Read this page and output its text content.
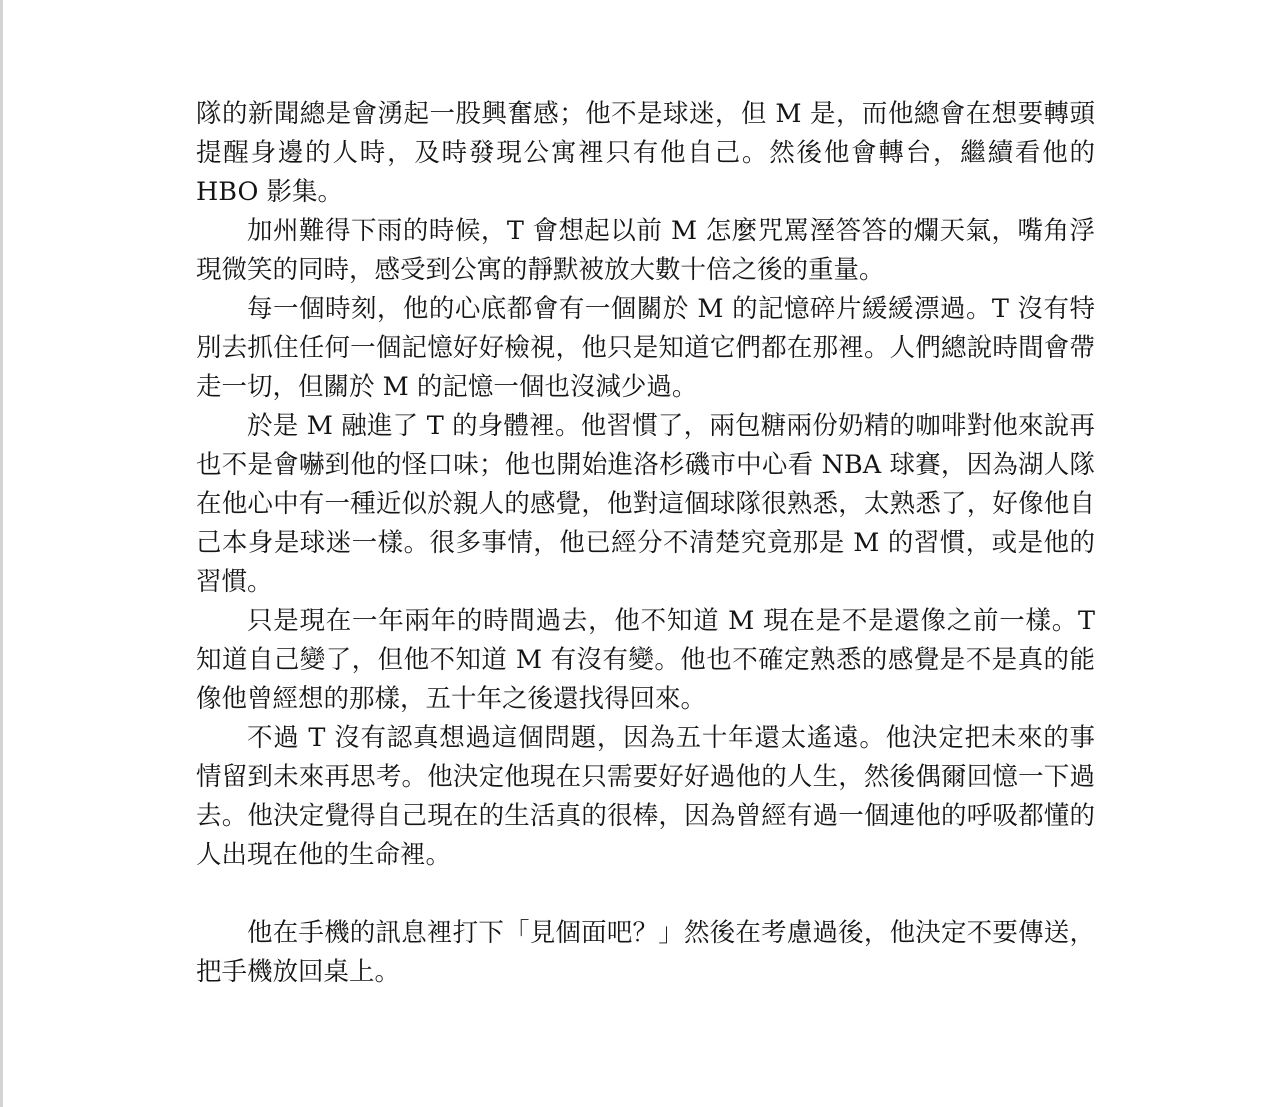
隊的新聞總是會湧起一股興奮感；他不是球迷，但 M 是，而他總會在想要轉頭提醒身邊的人時，及時發現公寓裡只有他自己。然後他會轉台，繼續看他的 HBO 影集。

加州難得下雨的時候，T 會想起以前 M 怎麼咒罵溼答答的爛天氣，嘴角浮現微笑的同時，感受到公寓的靜默被放大數十倍之後的重量。

每一個時刻，他的心底都會有一個關於 M 的記憶碎片緩緩漂過。T 沒有特別去抓住任何一個記憶好好檢視，他只是知道它們都在那裡。人們總說時間會帶走一切，但關於 M 的記憶一個也沒減少過。

於是 M 融進了 T 的身體裡。他習慣了，兩包糖兩份奶精的咖啡對他來說再也不是會嚇到他的怪口味；他也開始進洛杉磯市中心看 NBA 球賽，因為湖人隊在他心中有一種近似於親人的感覺，他對這個球隊很熟悉，太熟悉了，好像他自己本身是球迷一樣。很多事情，他已經分不清楚究竟那是 M 的習慣，或是他的習慣。

只是現在一年兩年的時間過去，他不知道 M 現在是不是還像之前一樣。T 知道自己變了，但他不知道 M 有沒有變。他也不確定熟悉的感覺是不是真的能像他曾經想的那樣，五十年之後還找得回來。

不過 T 沒有認真想過這個問題，因為五十年還太遙遠。他決定把未來的事情留到未來再思考。他決定他現在只需要好好過他的人生，然後偶爾回憶一下過去。他決定覺得自己現在的生活真的很棒，因為曾經有過一個連他的呼吸都懂的人出現在他的生命裡。

他在手機的訊息裡打下「見個面吧？」然後在考慮過後，他決定不要傳送，把手機放回桌上。
